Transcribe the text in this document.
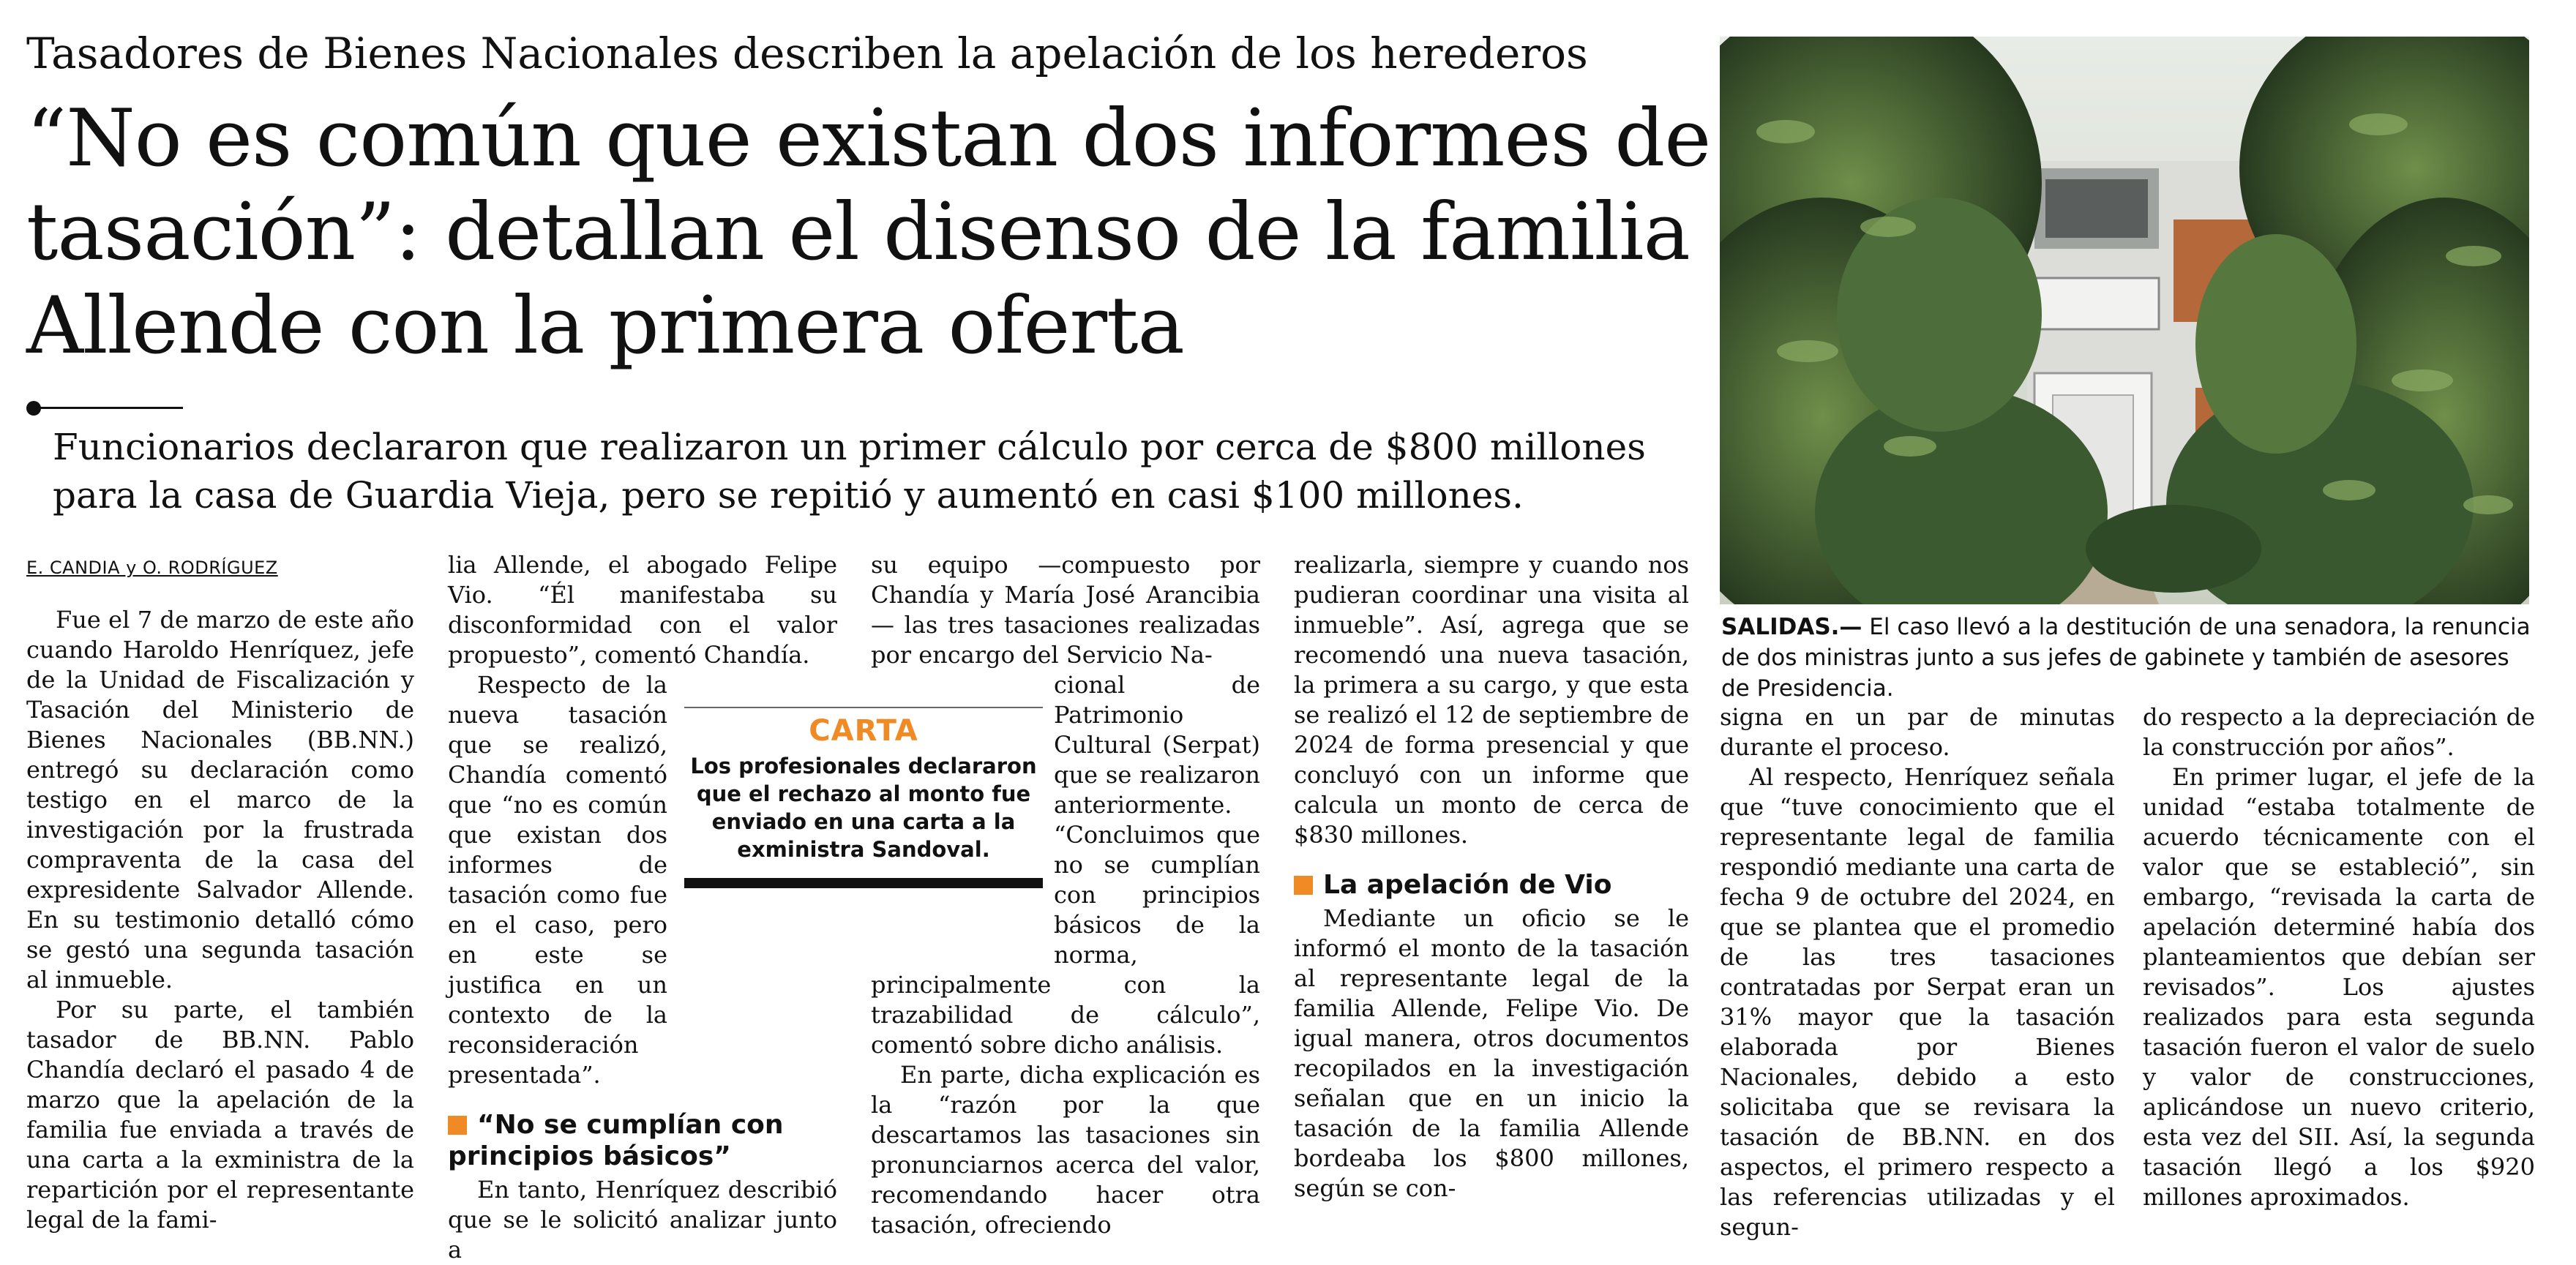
Tasadores de Bienes Nacionales describen la apelación de los herederos
“No es común que existan dos informes de tasación”: detallan el disenso de la familia Allende con la primera oferta
Funcionarios declararon que realizaron un primer cálculo por cerca de $800 millones para la casa de Guardia Vieja, pero se repitió y aumentó en casi $100 millones.
SALIDAS.— El caso llevó a la destitución de una senadora, la renuncia de dos ministras junto a sus jefes de gabinete y también de asesores de Presidencia.

E. CANDIA y O. RODRÍGUEZ

Fue el 7 de marzo de este año cuando Haroldo Henríquez, jefe de la Unidad de Fiscalización y Tasación del Ministerio de Bienes Nacionales (BB.NN.) entregó su declaración como testigo en el marco de la investigación por la frustrada compraventa de la casa del expresidente Salvador Allende. En su testimonio detalló cómo se gestó una segunda tasación al inmueble.

Por su parte, el también tasador de BB.NN. Pablo Chandía declaró el pasado 4 de marzo que la apelación de la familia fue enviada a través de una carta a la exministra de la repartición por el representante legal de la fami-

lia Allende, el abogado Felipe Vio. “Él manifestaba su disconformidad con el valor propuesto”, comentó Chandía.

Respecto de la nueva tasación que se realizó, Chandía comentó que “no es común que existan dos informes de tasación como fue en el caso, pero en este se justifica en un contexto de la reconsideración presentada”.

“No se cumplían con principios básicos”

En tanto, Henríquez describió que se le solicitó analizar junto a

su equipo —compuesto por Chandía y María José Arancibia— las tres tasaciones realizadas por encargo del Servicio Na-

cional de Patrimonio Cultural (Serpat) que se realizaron anteriormente. “Concluimos que no se cumplían con principios básicos de la norma,

principalmente con la trazabilidad de cálculo”, comentó sobre dicho análisis.

En parte, dicha explicación es la “razón por la que descartamos las tasaciones sin pronunciarnos acerca del valor, recomendando hacer otra tasación, ofreciendo

CARTA
Los profesionales declararon que el rechazo al monto fue enviado en una carta a la exministra Sandoval.

realizarla, siempre y cuando nos pudieran coordinar una visita al inmueble”. Así, agrega que se recomendó una nueva tasación, la primera a su cargo, y que esta se realizó el 12 de septiembre de 2024 de forma presencial y que concluyó con un informe que calcula un monto de cerca de $830 millones.

La apelación de Vio

Mediante un oficio se le informó el monto de la tasación al representante legal de la familia Allende, Felipe Vio. De igual manera, otros documentos recopilados en la investigación señalan que en un inicio la tasación de la familia Allende bordeaba los $800 millones, según se con-

signa en un par de minutas durante el proceso.

Al respecto, Henríquez señala que “tuve conocimiento que el representante legal de familia respondió mediante una carta de fecha 9 de octubre del 2024, en que se plantea que el promedio de las tres tasaciones contratadas por Serpat eran un 31% mayor que la tasación elaborada por Bienes Nacionales, debido a esto solicitaba que se revisara la tasación de BB.NN. en dos aspectos, el primero respecto a las referencias utilizadas y el segun-

do respecto a la depreciación de la construcción por años”.

En primer lugar, el jefe de la unidad “estaba totalmente de acuerdo técnicamente con el valor que se estableció”, sin embargo, “revisada la carta de apelación determiné había dos planteamientos que debían ser revisados”. Los ajustes realizados para esta segunda tasación fueron el valor de suelo y valor de construcciones, aplicándose un nuevo criterio, esta vez del SII. Así, la segunda tasación llegó a los $920 millones aproximados.
